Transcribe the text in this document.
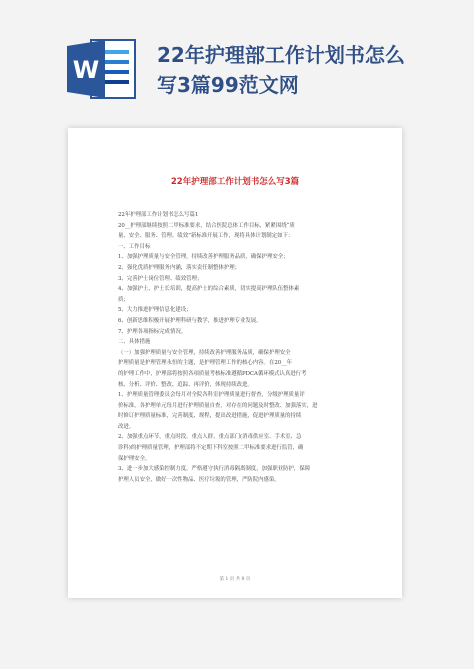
W
22年护理部工作计划书怎么
写3篇99范文网
22年护理部工作计划书怎么写3篇

22年护理部工作计划书怎么写篇1

20__护理部继续按照二甲标准要求，结合医院总体工作目标，紧紧围绕“质

量、安全、服务、管理、绩效”新标准开展工作，现将具体计划制定如下：

一、工作目标

1、加强护理质量与安全管理，持续改善护理服务品质，确保护理安全；

2、强化优质护理服务内涵，落实责任制整体护理；

3、完善护士岗位管理、绩效管理；

4、加强护士、护士长培训，提高护士的综合素质，切实提高护理队伍整体素

质；

5、大力推进护理信息化建设；

6、创新思维积极开展护理科研与教学，推进护理专业发展。

7、护理各项指标完成情况。

二、具体措施

（一）加强护理质量与安全管理，持续改善护理服务品质，确保护理安全

护理质量是护理管理永恒的主题，是护理管理工作的核心内容。在20__年

的护理工作中，护理部将按照各项质量考核标准遵循PDCA循环模式认真进行考

核、分析、评价、整改、追踪、再评价，体现持续改进。

1、护理质量管理委员会每月对全院各科室护理质量进行督查，分级护理质量评

价标准，各护理单元每月进行护理质量自查，对存在的问题及时整改、加强落实，进

时修订护理质量标准，完善制度、规程，提出改进措施，促进护理质量的持续

改进。

2、加强重点环节，重点时段，重点人群、重点部门(消毒供应室、手术室、急

诊科)的护理质量管理，护理部将不定期下科室按照二甲标准要求进行监管，确

保护理安全。

3、进一步加大感染控制力度，严格遵守执行消毒隔离制度，加强职业防护，保障

护理人员安全，做好一次性物品、医疗垃圾的管理，严防院内感染。

第 1 页 共 8 页
